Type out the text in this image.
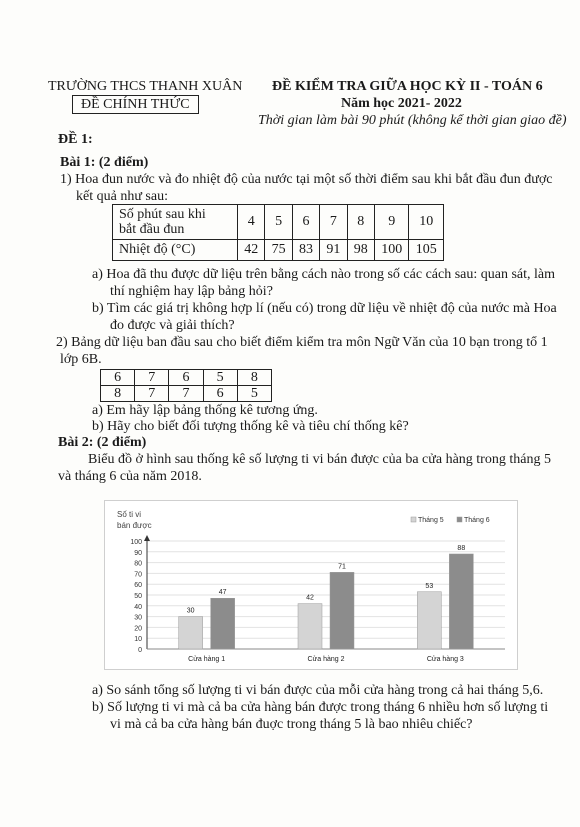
TRƯỜNG THCS THANH XUÂN
ĐỀ CHÍNH THỨC
ĐỀ KIỂM TRA GIỮA HỌC KỲ II - TOÁN 6
Năm học 2021- 2022
Thời gian làm bài 90 phút (không kể thời gian giao đề)
ĐỀ 1:
Bài 1: (2 điểm)
1) Hoa đun nước và đo nhiệt độ của nước tại một số thời điểm sau khi bắt đầu đun được
kết quả như sau:
Số phút sau khi
bắt đầu đun	4	5	6	7	8	9	10
Nhiệt độ (°C)	42	75	83	91	98	100	105
a) Hoa đã thu được dữ liệu trên bằng cách nào trong số các cách sau: quan sát, làm
thí nghiệm hay lập bảng hỏi?
b) Tìm các giá trị không hợp lí (nếu có) trong dữ liệu về nhiệt độ của nước mà Hoa
đo được và giải thích?
2) Bảng dữ liệu ban đầu sau cho biết điểm kiểm tra môn Ngữ Văn của 10 bạn trong tổ 1
lớp 6B.
6	7	6	5	8
8	7	7	6	5
a) Em hãy lập bảng thống kê tương ứng.
b) Hãy cho biết đối tượng thống kê và tiêu chí thống kê?
Bài 2: (2 điểm)
Biểu đồ ở hình sau thống kê số lượng ti vi bán được của ba cửa hàng trong tháng 5
và tháng 6 của năm 2018.
Số ti vi
bán được
0
10
20
30
40
50
60
70
80
90
100
30
47
Cửa hàng 1
42
71
Cửa hàng 2
53
88
Cửa hàng 3
Tháng 5	Tháng 6
a) So sánh tổng số lượng ti vi bán được của mỗi cửa hàng trong cả hai tháng 5,6.
b) Số lượng ti vi mà cả ba cửa hàng bán được trong tháng 6 nhiều hơn số lượng ti
vi mà cả ba cửa hàng bán đuợc trong tháng 5 là bao nhiêu chiếc?
